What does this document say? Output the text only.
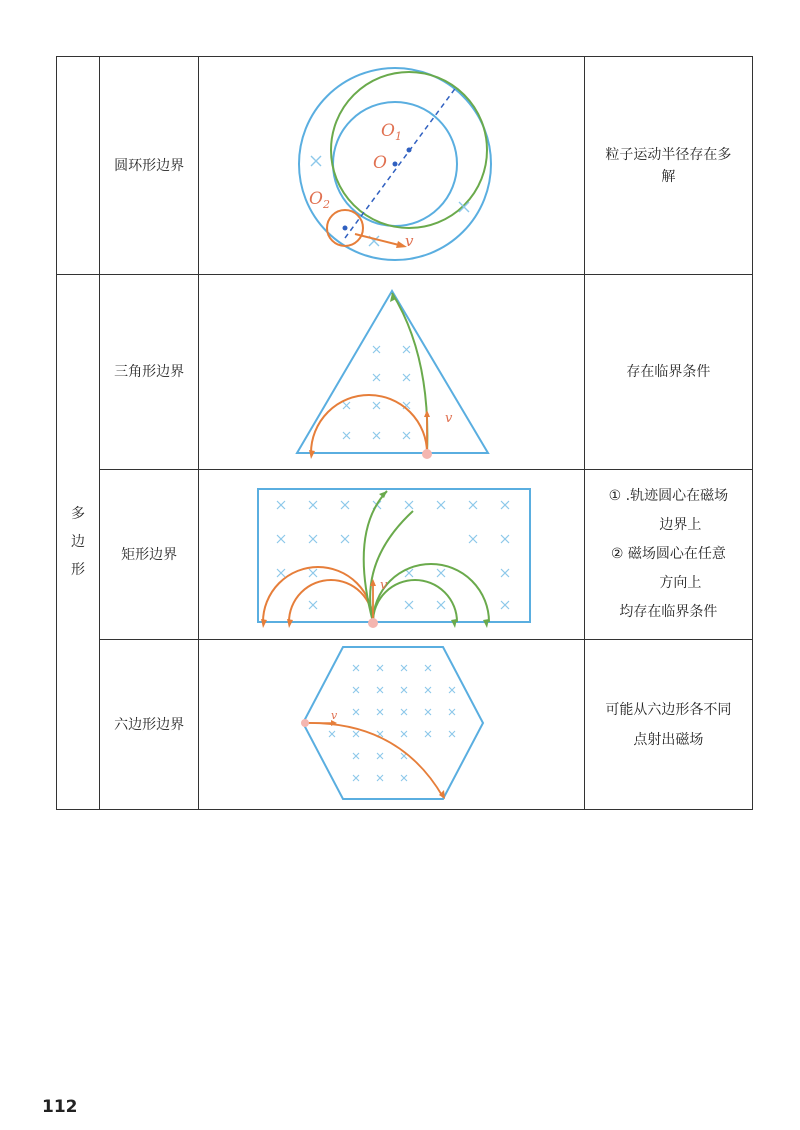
	圆环形边界	$O_1$
O
$O_2$
v	粒子运动半径存在多
解

多
边
形	三角形边界	v	存在临界条件

	矩形边界	v	① .轨迹圆心在磁场
边界上
② 磁场圆心在任意
方向上
均存在临界条件

	六边形边界	v	可能从六边形各不同
点射出磁场
112
